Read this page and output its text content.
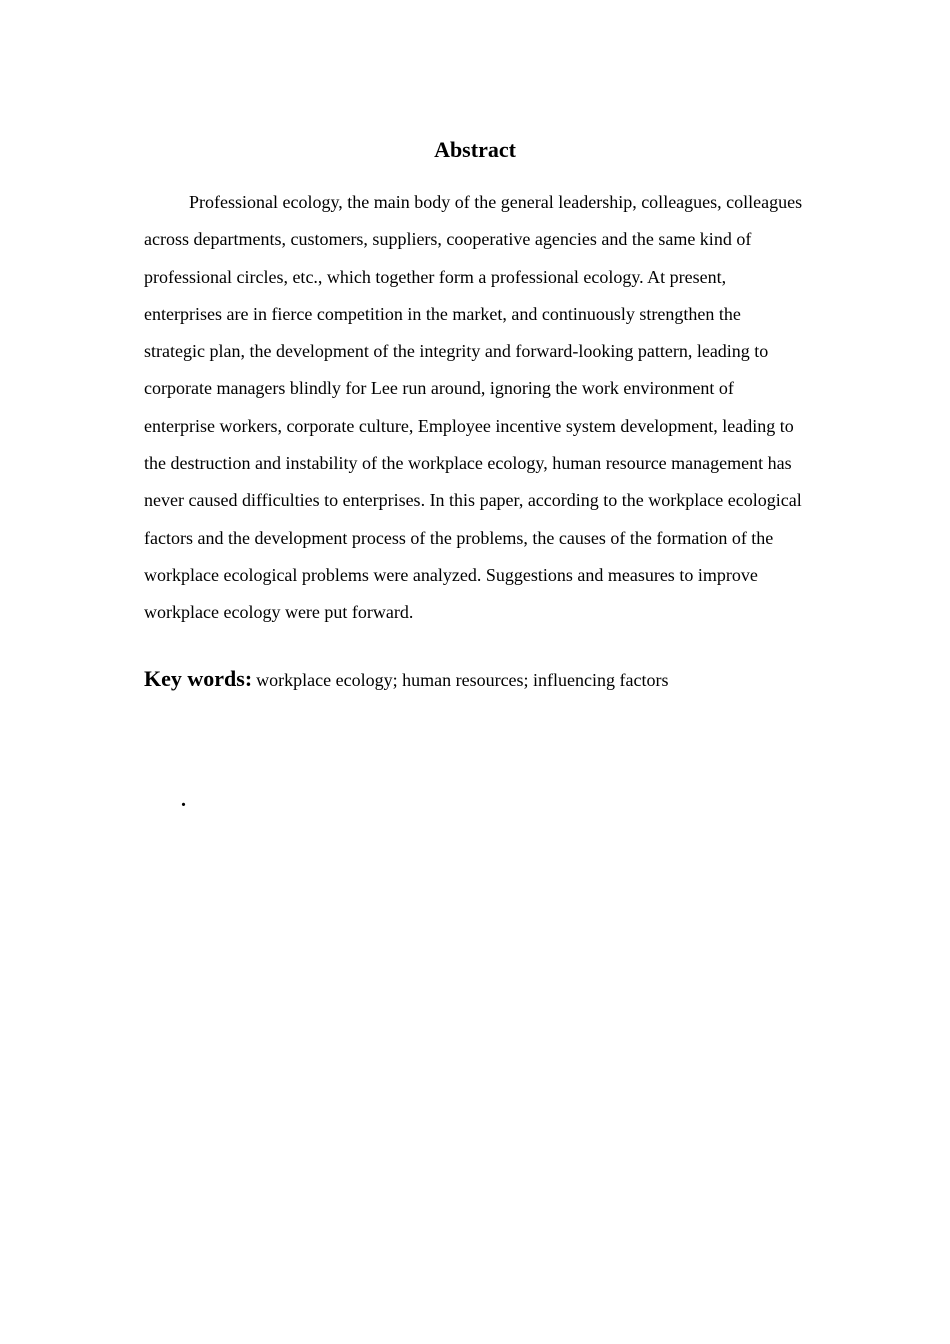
Abstract

Professional ecology, the main body of the general leadership, colleagues, colleagues across departments, customers, suppliers, cooperative agencies and the same kind of professional circles, etc., which together form a professional ecology. At present, enterprises are in fierce competition in the market, and continuously strengthen the strategic plan, the development of the integrity and forward-looking pattern, leading to corporate managers blindly for Lee run around, ignoring the work environment of enterprise workers, corporate culture, Employee incentive system development, leading to the destruction and instability of the workplace ecology, human resource management has never caused difficulties to enterprises. In this paper, according to the workplace ecological factors and the development process of the problems, the causes of the formation of the workplace ecological problems were analyzed. Suggestions and measures to improve workplace ecology were put forward.

Key words: workplace ecology; human resources; influencing factors

.
